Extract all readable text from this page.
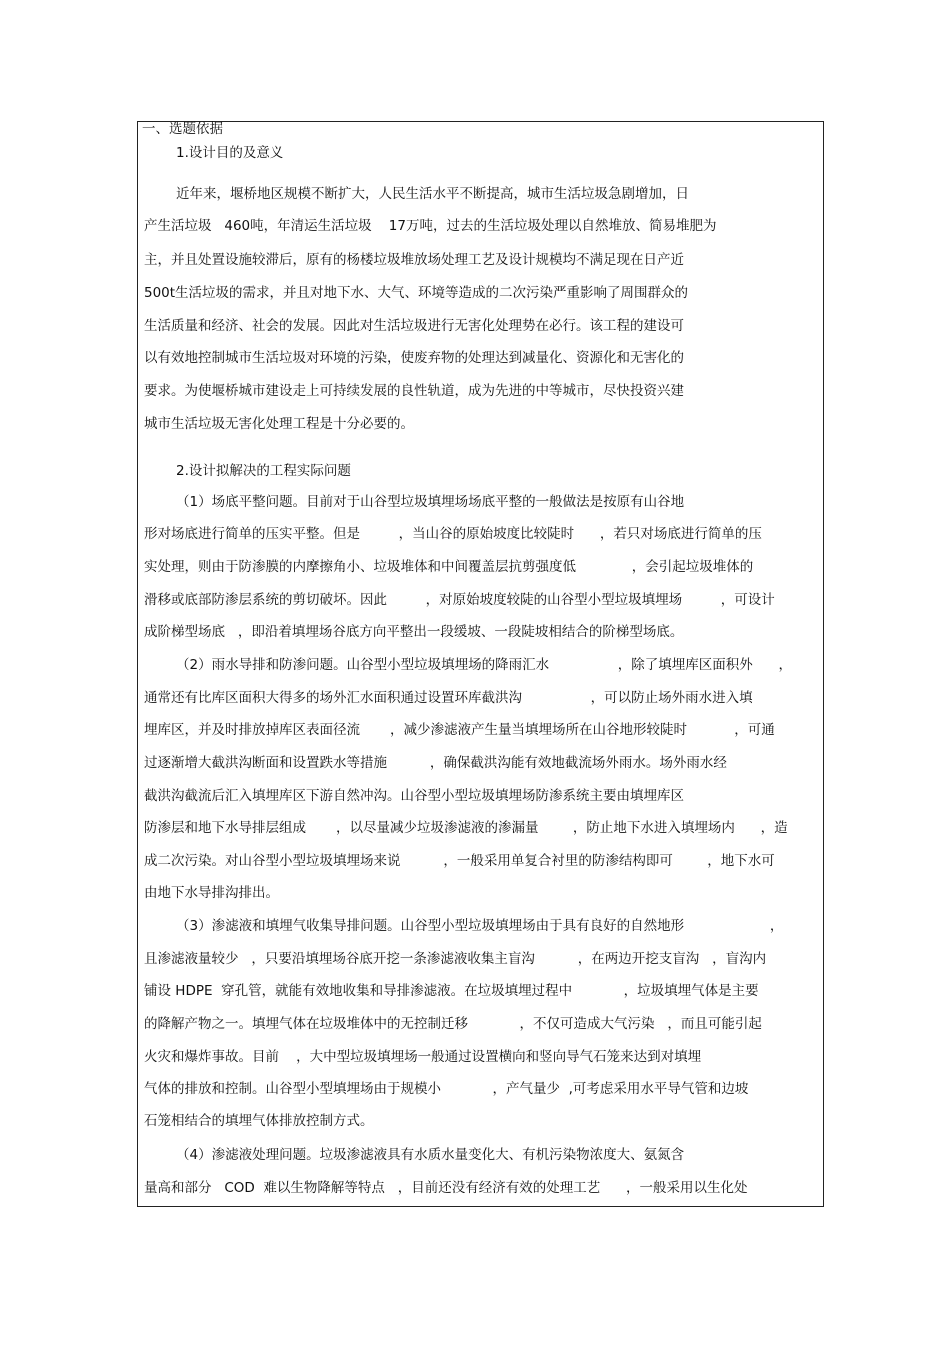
一、选题依据
1.设计目的及意义
近年来，堰桥地区规模不断扩大，人民生活水平不断提高，城市生活垃圾急剧增加，日
产生活垃圾   460吨，年清运生活垃圾    17万吨，过去的生活垃圾处理以自然堆放、简易堆肥为
主，并且处置设施较滞后，原有的杨楼垃圾堆放场处理工艺及设计规模均不满足现在日产近
500t生活垃圾的需求，并且对地下水、大气、环境等造成的二次污染严重影响了周围群众的
生活质量和经济、社会的发展。因此对生活垃圾进行无害化处理势在必行。该工程的建设可
以有效地控制城市生活垃圾对环境的污染，使废弃物的处理达到减量化、资源化和无害化的
要求。为使堰桥城市建设走上可持续发展的良性轨道，成为先进的中等城市，尽快投资兴建
城市生活垃圾无害化处理工程是十分必要的。
2.设计拟解决的工程实际问题
（1）场底平整问题。目前对于山谷型垃圾填埋场场底平整的一般做法是按原有山谷地
形对场底进行简单的压实平整。但是         ，当山谷的原始坡度比较陡时      ，若只对场底进行简单的压
实处理，则由于防渗膜的内摩擦角小、垃圾堆体和中间覆盖层抗剪强度低             ，会引起垃圾堆体的
滑移或底部防渗层系统的剪切破坏。因此         ，对原始坡度较陡的山谷型小型垃圾填埋场         ，可设计
成阶梯型场底   ，即沿着填埋场谷底方向平整出一段缓坡、一段陡坡相结合的阶梯型场底。
（2）雨水导排和防渗问题。山谷型小型垃圾填埋场的降雨汇水                ，除了填埋库区面积外      ，
通常还有比库区面积大得多的场外汇水面积通过设置环库截洪沟                ，可以防止场外雨水进入填
埋库区，并及时排放掉库区表面径流       ，减少渗滤液产生量当填埋场所在山谷地形较陡时           ，可通
过逐渐增大截洪沟断面和设置跌水等措施          ，确保截洪沟能有效地截流场外雨水。场外雨水经
截洪沟截流后汇入填埋库区下游自然冲沟。山谷型小型垃圾填埋场防渗系统主要由填埋库区
防渗层和地下水导排层组成       ，以尽量减少垃圾渗滤液的渗漏量        ，防止地下水进入填埋场内      ，造
成二次污染。对山谷型小型垃圾填埋场来说          ，一般采用单复合衬里的防渗结构即可        ，地下水可
由地下水导排沟排出。
（3）渗滤液和填埋气收集导排问题。山谷型小型垃圾填埋场由于具有良好的自然地形                    ，
且渗滤液量较少   ，只要沿填埋场谷底开挖一条渗滤液收集主盲沟          ，在两边开挖支盲沟   ，盲沟内
铺设 HDPE  穿孔管，就能有效地收集和导排渗滤液。在垃圾填埋过程中            ，垃圾填埋气体是主要
的降解产物之一。填埋气体在垃圾堆体中的无控制迁移            ，不仅可造成大气污染   ，而且可能引起
火灾和爆炸事故。目前    ，大中型垃圾填埋场一般通过设置横向和竖向导气石笼来达到对填埋
气体的排放和控制。山谷型小型填埋场由于规模小            ，产气量少  ,可考虑采用水平导气管和边坡
石笼相结合的填埋气体排放控制方式。
（4）渗滤液处理问题。垃圾渗滤液具有水质水量变化大、有机污染物浓度大、氨氮含
量高和部分   COD  难以生物降解等特点   ，目前还没有经济有效的处理工艺      ，一般采用以生化处
